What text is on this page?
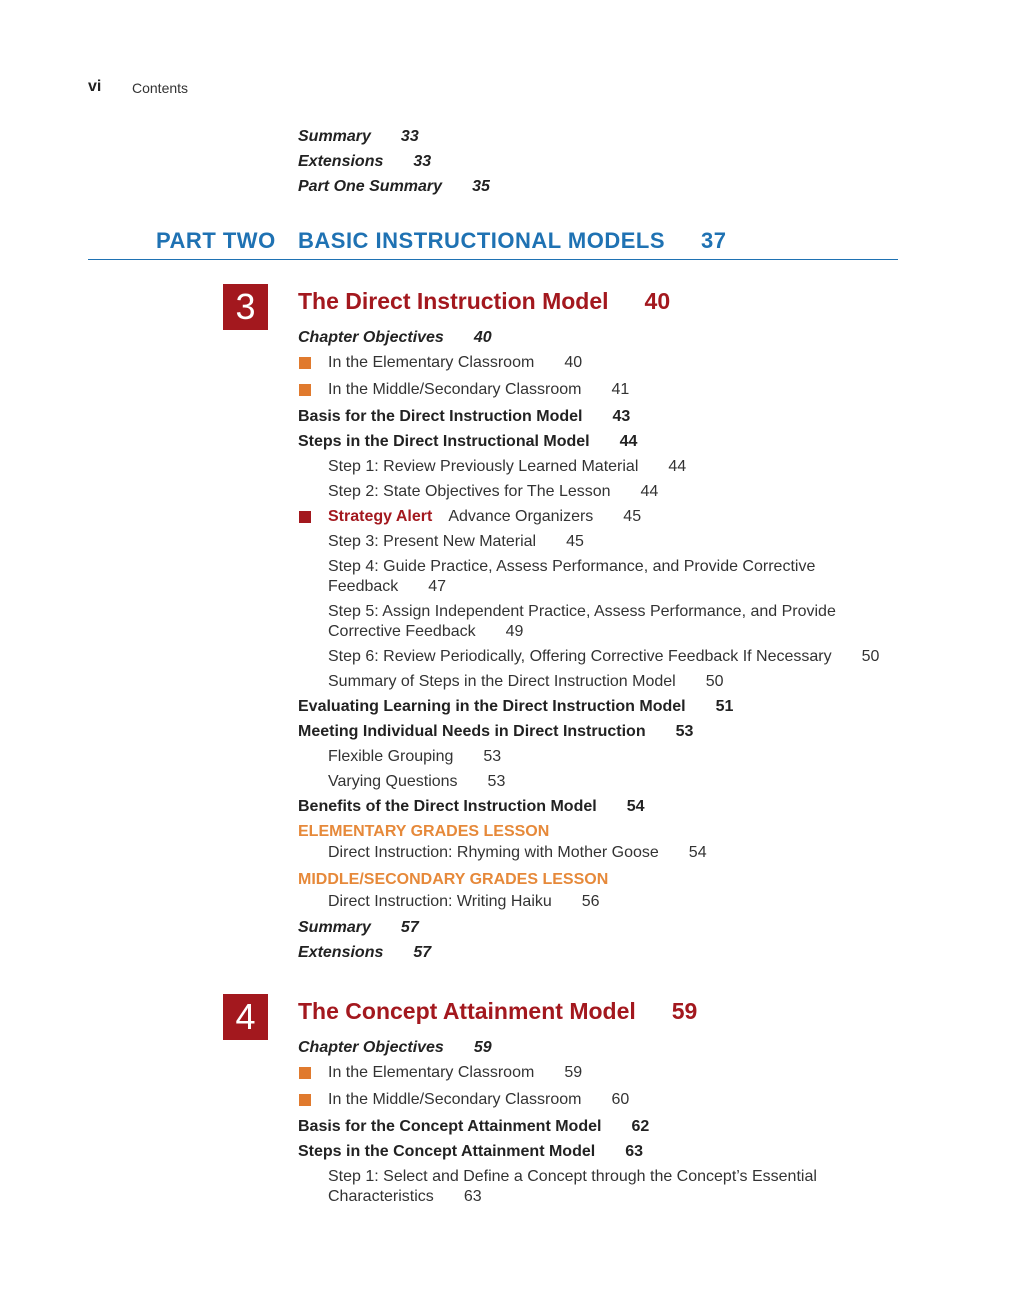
vi Contents
Summary 33
Extensions 33
Part One Summary 35
PART TWO BASIC INSTRUCTIONAL MODELS 37
3	The Direct Instruction Model 40
Chapter Objectives 40
In the Elementary Classroom 40
In the Middle/Secondary Classroom 41
Basis for the Direct Instruction Model 43
Steps in the Direct Instructional Model 44
Step 1: Review Previously Learned Material 44
Step 2: State Objectives for The Lesson 44
Strategy Alert Advance Organizers 45
Step 3: Present New Material 45
Step 4: Guide Practice, Assess Performance, and Provide Corrective
Feedback 47
Step 5: Assign Independent Practice, Assess Performance, and Provide
Corrective Feedback 49
Step 6: Review Periodically, Offering Corrective Feedback If Necessary 50
Summary of Steps in the Direct Instruction Model 50
Evaluating Learning in the Direct Instruction Model 51
Meeting Individual Needs in Direct Instruction 53
Flexible Grouping 53
Varying Questions 53
Benefits of the Direct Instruction Model 54
ELEMENTARY GRADES LESSON
Direct Instruction: Rhyming with Mother Goose 54
MIDDLE/SECONDARY GRADES LESSON
Direct Instruction: Writing Haiku 56
Summary 57
Extensions 57
4	The Concept Attainment Model 59
Chapter Objectives 59
In the Elementary Classroom 59
In the Middle/Secondary Classroom 60
Basis for the Concept Attainment Model 62
Steps in the Concept Attainment Model 63
Step 1: Select and Define a Concept through the Concept’s Essential
Characteristics 63
